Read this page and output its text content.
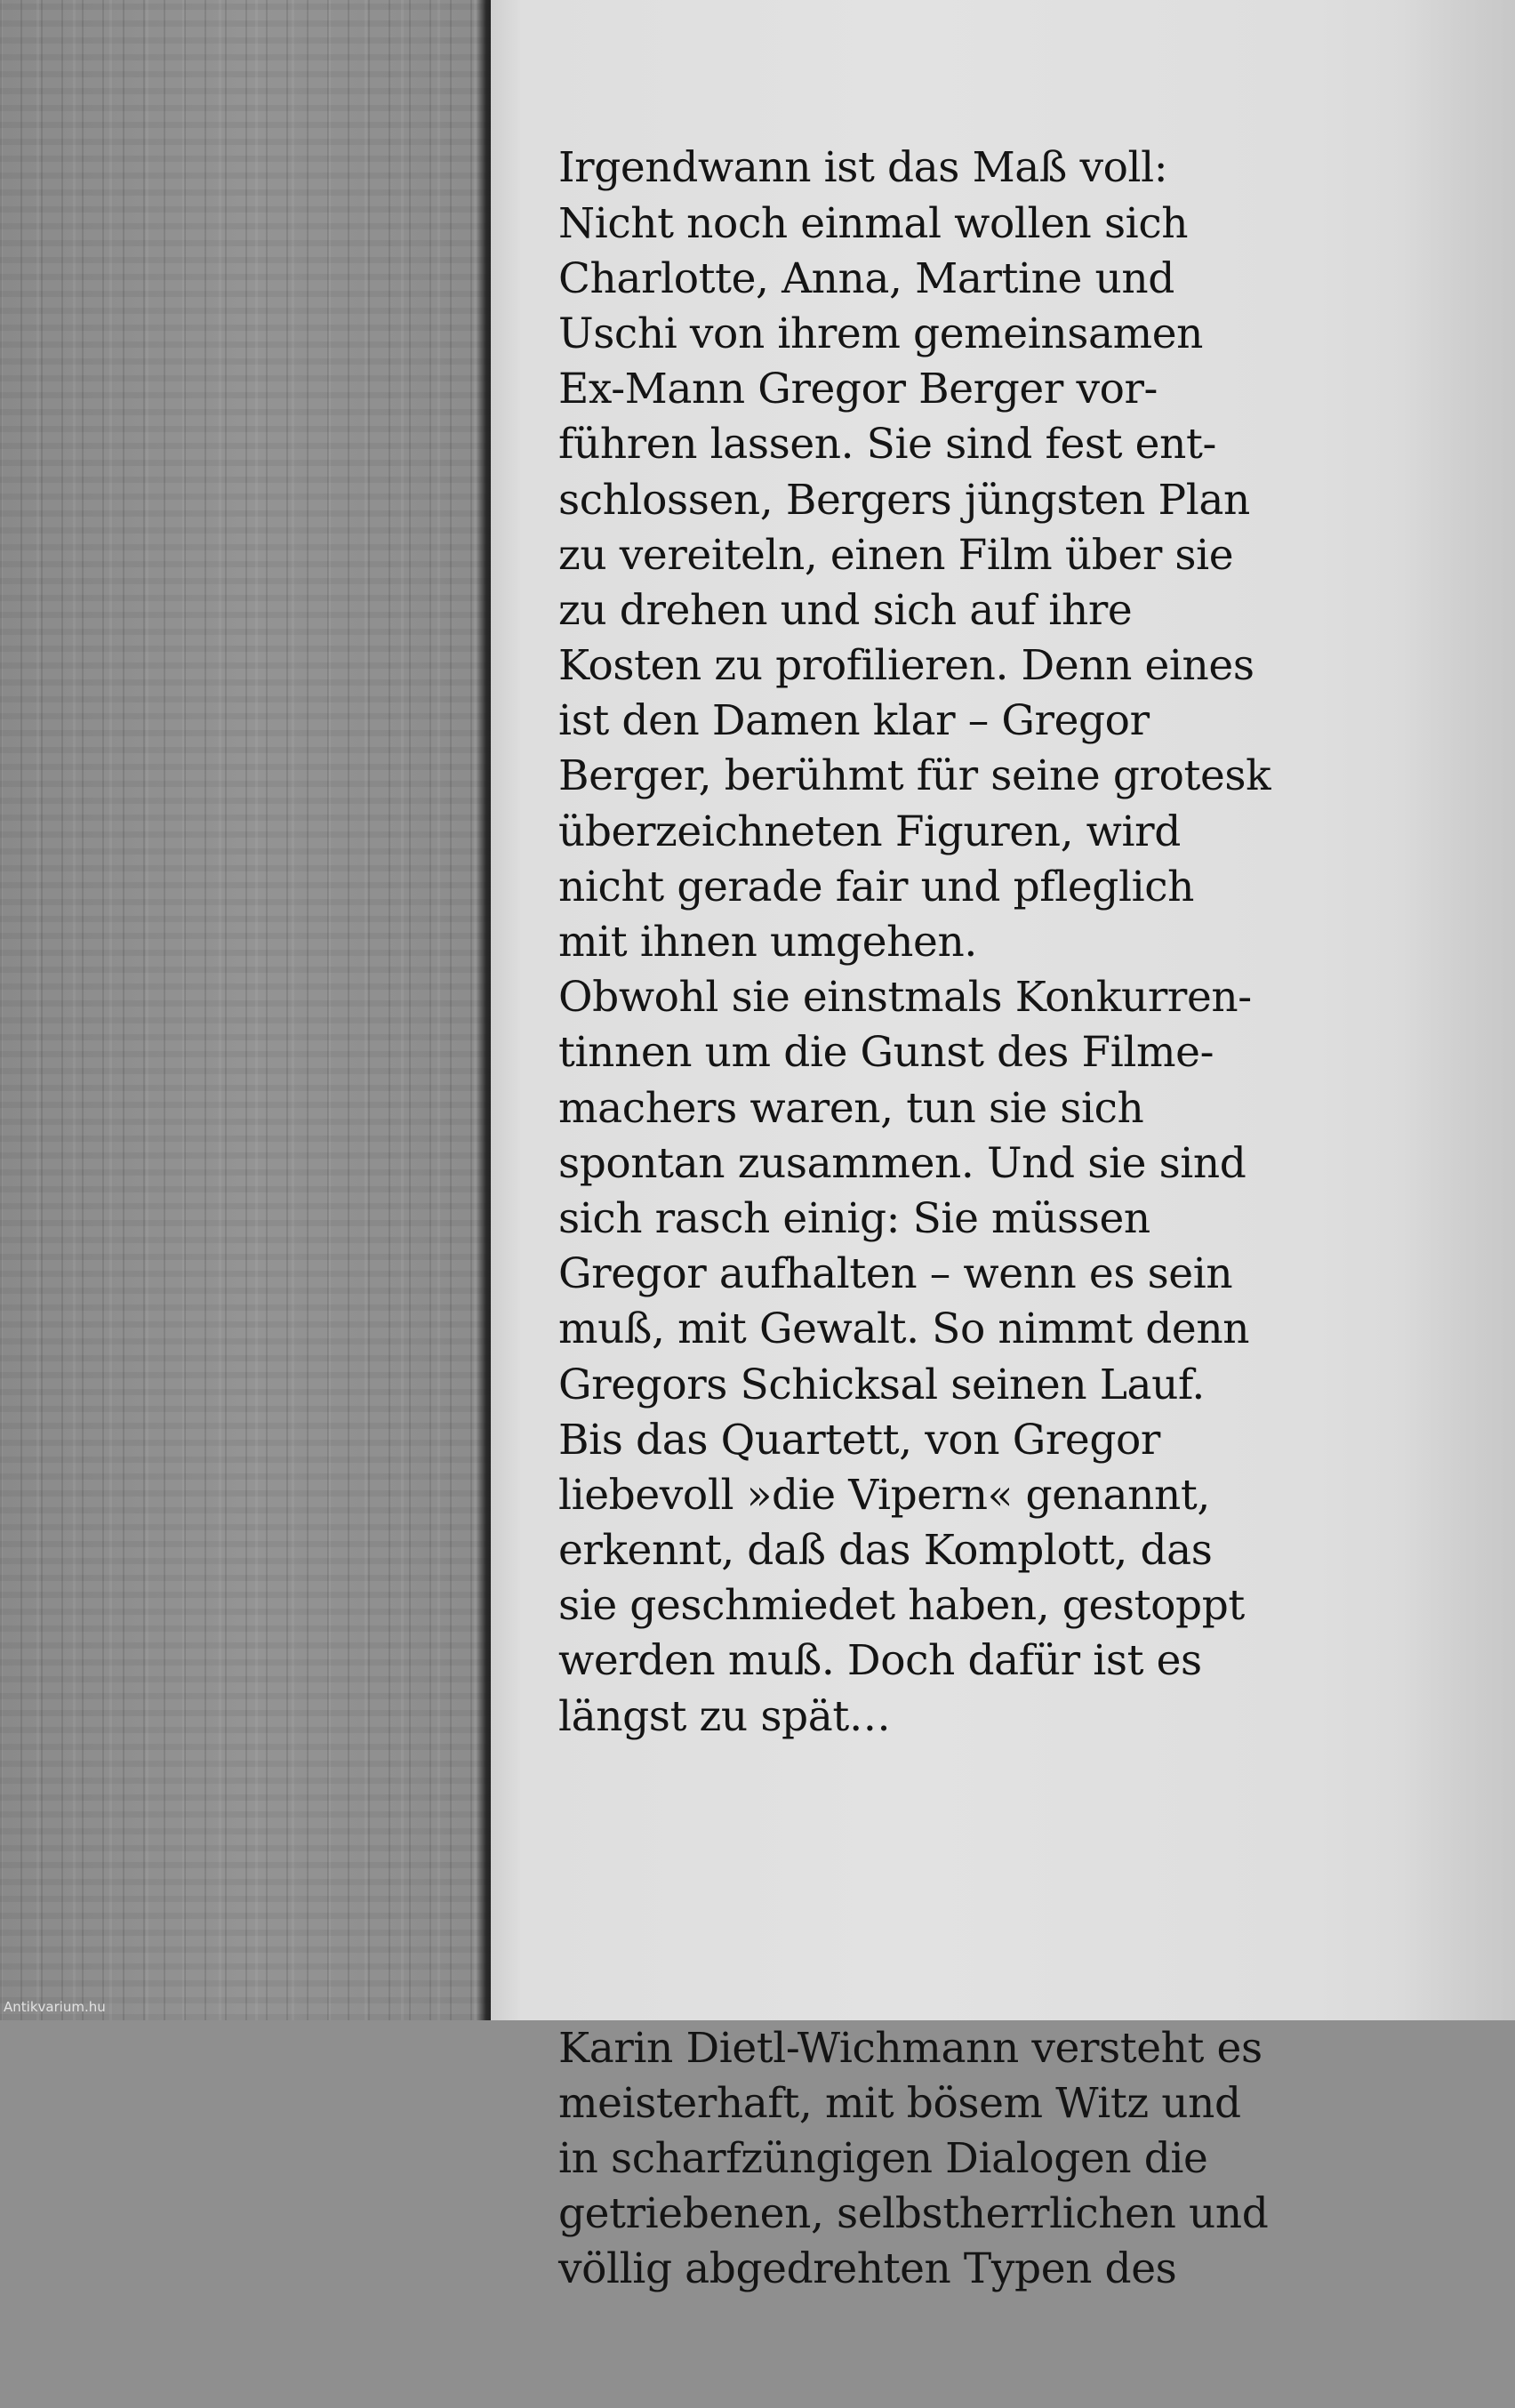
Irgendwann ist das Maß voll:
Nicht noch einmal wollen sich
Charlotte, Anna, Martine und
Uschi von ihrem gemeinsamen
Ex-Mann Gregor Berger vor-
führen lassen. Sie sind fest ent-
schlossen, Bergers jüngsten Plan
zu vereiteln, einen Film über sie
zu drehen und sich auf ihre
Kosten zu profilieren. Denn eines
ist den Damen klar – Gregor
Berger, berühmt für seine grotesk
überzeichneten Figuren, wird
nicht gerade fair und pfleglich
mit ihnen umgehen.
Obwohl sie einstmals Konkurren-
tinnen um die Gunst des Filme-
machers waren, tun sie sich
spontan zusammen. Und sie sind
sich rasch einig: Sie müssen
Gregor aufhalten – wenn es sein
muß, mit Gewalt. So nimmt denn
Gregors Schicksal seinen Lauf.
Bis das Quartett, von Gregor
liebevoll »die Vipern« genannt,
erkennt, daß das Komplott, das
sie geschmiedet haben, gestoppt
werden muß. Doch dafür ist es
längst zu spät…

Karin Dietl-Wichmann versteht es
meisterhaft, mit bösem Witz und
in scharfzüngigen Dialogen die
getriebenen, selbstherrlichen und
völlig abgedrehten Typen des

Antikvarium.hu
